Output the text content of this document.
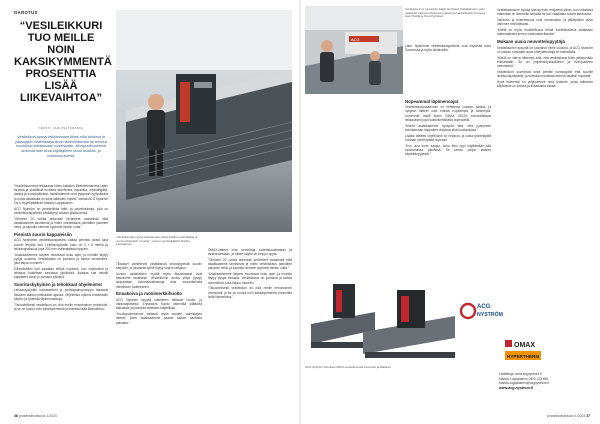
GAROTUS
“VESILEIKKURI TUO MEILLE NOIN KAKSIKYMMENTÄ PROSENTTIA LISÄÄ LIIKEVAIHTOA”
TEKSTI: JARI PELTORANTA
Vesileikkuri pystyy leikkaamaan lähes mitä tahansa ja paksujakin materiaaleja ilman lämmöntuontia tai termisä muutoksia leikattavaan materiaaliin. Monipuolisuutensa ansiosta laite avaa käyttäjilleen uusia asiakas- ja markkina-alueita.

“Vesileikkurimme leikkaavat lähes kaikkien liiketoimintamme lajien tarpeita ja yksittäisiä tuotteita alumiinista, kuparista, messängistä, lasista ja komposiiteista. Asiakkaamme ovat pysyneet tyytyväisinä ja uusia asiakkaita on tullut laitteiden myötä,” toteaa ACG Nyström Oy:n myyntipäällikkö Markku Lappalainen.

ACG Nyström on perinteikkäs laite- ja palvelutoimija, jolla on vesileikkauspalvelut keskittynyt omaan yksikköönsä.

“Olemme 20 vuotta ahkerasti keränneet osaamista mitä asiakkaamme tarvitsevat ja miten vesileikkaus parhaiten palvelee heitä, ja samalla olemme oppineet itsekin uutta.”

Pienistä suurin kappaleisiin

ACG Nyströmin vesileikkauspalvelu kattaa pienistä osista aina suuriin levyihin asti. Leikkauspöydän koko on 3 × 6 metriä ja leikkauspaksuus jopa 200 mm materiaalista riippuen.

“Asiakkaidemme tarpeet muuttuvat koko ajan, ja meidän täytyy pysyä mukana. Vesileikkaus on joustava ja tarkka menetelmä, joka taipuu moneen.”

Kiireellisetkin työt saadaan tehtyä nopeasti, kun ohjelmointi ja leikkaus hoidetaan samassa yksikössä. Asiakas saa valmiit kappaleet usein jo samana päivänä.

Suorituskykyinen ja tehokkaat ohjelmistot

Leikkauspöydän tukirakenteet ja korkeapainepumppu takaavat tasaisen laadun pitkissäkin ajoissa. Ohjelmisto optimoi materiaalin käytön ja lyhentää läpimenoaikoja.

“Taloudellisesti vesileikkuri on ollut meille erinomainen investointi, ja se on tuonut noin kaksikymmentä prosenttia lisää liikevaihtoa.”

“Vesileikkurilla pystyy leikkaamaan lähes kaikkia materiaaleja ja monimutkaisiakin muotoja,” sanoo myyntipäällikkö Markku Lappalainen.

Tilaukset vaihtelevat yksittäisistä prototyypeistä suuriin sarjoihin, ja jokaiselle työlle löytyy sopiva ratkaisu.

Uusien asiakkaiden myötä myös tilausmaarat ovat kasvaneet tasaisesti. Vesileikkurin avulla yritys pystyy tarjoamaan kokonaisratkaisuja aina suunnittelusta valmiiseen tuotteeseen.

Ennakoiva ja monimerkkihuolto

ACG Nyström tarjoaa laitteilleen kattavat huolto- ja varaosapalvelut. Ennakoiva huolto vähentää yllättäviä katkoksia ja pidentää laitteiden käyttöikää.

“Huoltopalvelumme kattavat myös muiden valmistajien laitteet, joten asiakkaamme saavat kaiken samasta paikasta.”

OMAX-laitteet ovat tunnettuja luotettavuudestaan ja tarkkuudestaan, ja niiden käyttö on helppo oppia.

“Olemme 20 vuotta ahkerasti keränneet osaamista mitä asiakkaamme tarvitsevat ja miten vesileikkaus parhaiten palvelee heitä, ja samalla olemme oppineet itsekin uutta.”

“Asiakkaidemme tarpeet muuttuvat koko ajan, ja meidän täytyy pysyä mukana. Vesileikkaus on joustava ja tarkka menetelmä, joka taipuu moneen.”

“Taloudellisesti vesileikkuri on ollut meille erinomainen investointi, ja se on tuonut noin kaksikymmentä prosenttia lisää liikevaihtoa.”

36 prosessiteollisuus 1/2024
ACG
Vesileikkurit on varustettu kaikin tarvittavin lisälaitteineen, jotta asiakkaat saavat tuotteensa nopeasti ja laadukkaasti. Kuvassa Harri Pietilä ja Ossi Ryynänen.

Laite: Nyströmin vesileikkauspalvelut ovat käytössä koko Suomessa ja myös lahialueilla.

Vesileikkauksen hyödyt tulevat esiin erityisesti silloin, kun leikattava materiaali on lämmölle herkkää tai kun vaaditaan suurta tarkkuutta.

Tarkkuus ja toistettavuus ovat erinomaisia, ja jälkityöstön tarve vähenee merkittävästi.

“Meillä on myös mahdollisuus tehdä koeleikkauksia asiakkaan materiaaleista ennen varsinaista tilausta.”

Mukaan uusia neuvottelupyytöjä

Vesileikkurien kysyntä on kasvanut viime vuosina, ja ACG Nyström on saanut runsaasti uusia yhteydenottoja eri toimialoilta.

“Meillä on vahva näkemys siitä, että vesileikkaus tulee yleistymään entisestään. Se on ympäristöystävällinen ja monipuolinen menetelmä.”

Vesileikkurit soveltuvat sekä pienille konepajoille että suurille teollisuusyrityksille, ja investointi maksaa itsensä takaisin nopeasti.

Hyvä esimerkki on yrityksemme oma tuotanto, jossa laitteiden käyttöaste on korkea ja tilauskanta vakaa.

Nopeammat läpimenoajat

Vesileikkausosaaminen on kehittynyt vuosien aikana, ja nykyisin laitteet ovat entistä nopeampia ja tarkempia. Uusimmat mallit kuten OMAX 60120 mahdollistavat leikkauksen jopa kaksinkertaisella nopeudella.

“Monet asiakkaamme hyötyvät siitä, että pystymme toimittamaan kappaleet viikoissa eikä kuukausissa.”

Lisäksi laitteen ohjelmointi on helppoa, ja uusia työntekijöitä voidaan perehdyttää nopeasti.

“Kun uusi kone saapui, koko tiimi oppi käyttämään sitä muutamassa päivässä. Se kertoo paljon laitteen käytettävyydestä.”

ACG Nyström toimittaa OMAX-vesileikkureita Suomeen ja Baltiaan.
ACG
NYSTRÖM
OMAX
HYPERTHERM
Lisätietoja: www.acgnystrom.fi
Markku Lappalainen 0400 123 456
markku.lappalainen@acgnystrom.fi
www.acg-nystrom.fi
prosessiteollisuus 1/2024 37
